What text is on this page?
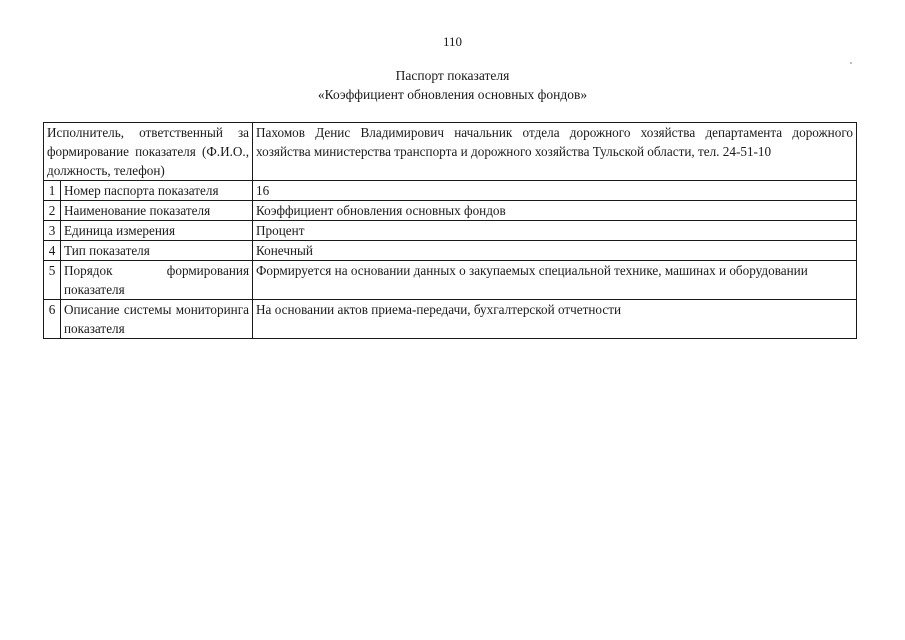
110
Паспорт показателя
«Коэффициент обновления основных фондов»
Исполнитель, ответственный за формирование показателя (Ф.И.О., должность, телефон)		Пахомов Денис Владимирович начальник отдела дорожного хозяйства департамента дорожного хозяйства министерства транспорта и дорожного хозяйства Тульской области, тел. 24-51-10
1	Номер паспорта показателя	16
2	Наименование показателя	Коэффициент обновления основных фондов
3	Единица измерения	Процент
4	Тип показателя	Конечный
5	Порядок формирования показателя	Формируется на основании данных о закупаемых специальной технике, машинах и оборудовании
6	Описание системы мониторинга показателя	На основании актов приема-передачи, бухгалтерской отчетности
